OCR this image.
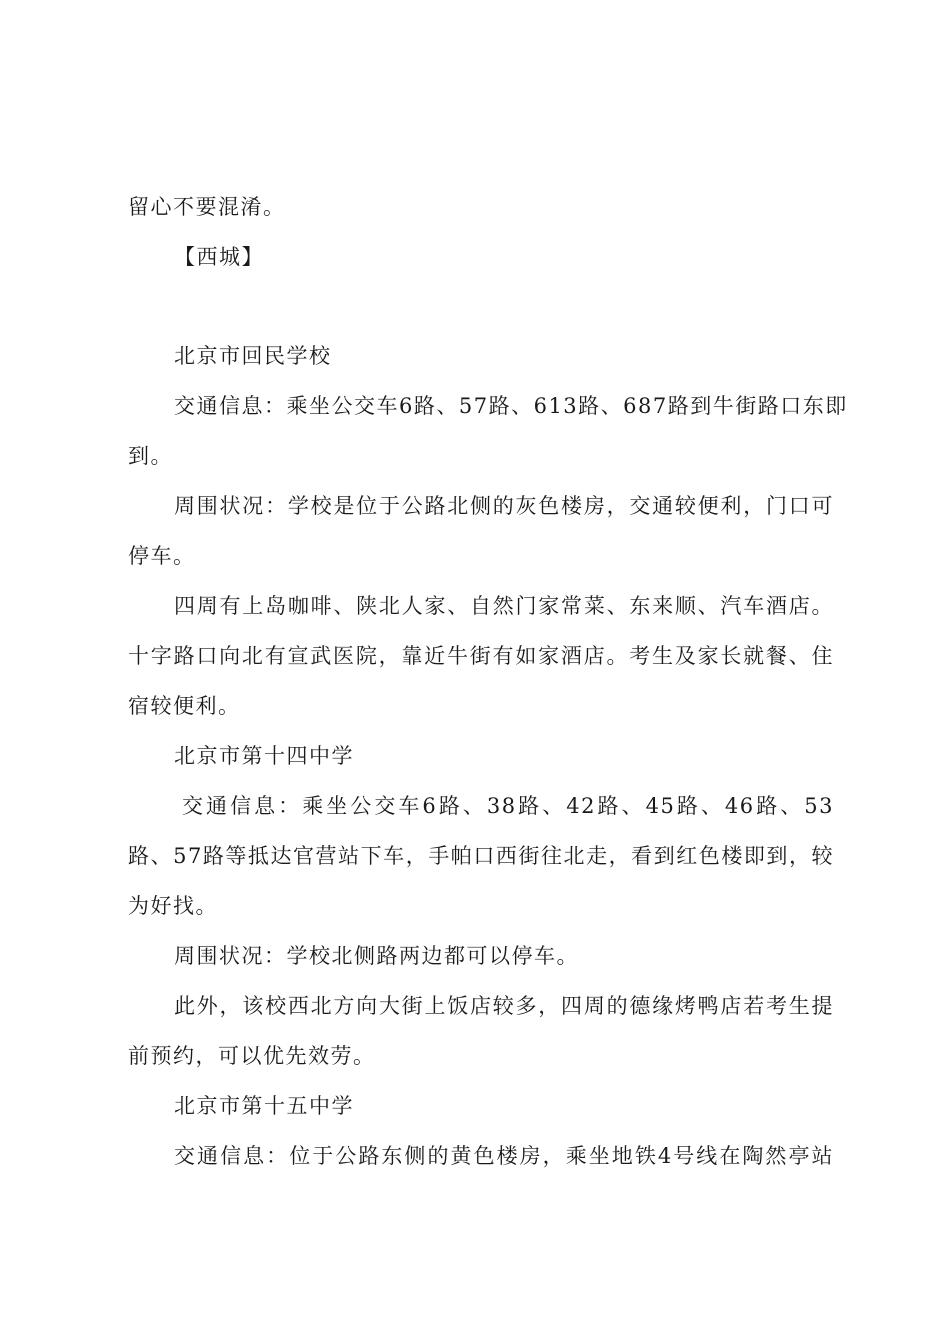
留心不要混淆。
【西城】
北京市回民学校
交通信息：乘坐公交车6路、57路、613路、687路到牛街路口东即
到。
周围状况：学校是位于公路北侧的灰色楼房，交通较便利，门口可
停车。
四周有上岛咖啡、陕北人家、自然门家常菜、东来顺、汽车酒店。
十字路口向北有宣武医院，靠近牛街有如家酒店。考生及家长就餐、住
宿较便利。
北京市第十四中学
交通信息：乘坐公交车6路、38路、42路、45路、46路、53
路、57路等抵达官营站下车，手帕口西街往北走，看到红色楼即到，较
为好找。
周围状况：学校北侧路两边都可以停车。
此外，该校西北方向大街上饭店较多，四周的德缘烤鸭店若考生提
前预约，可以优先效劳。
北京市第十五中学
交通信息：位于公路东侧的黄色楼房，乘坐地铁4号线在陶然亭站
